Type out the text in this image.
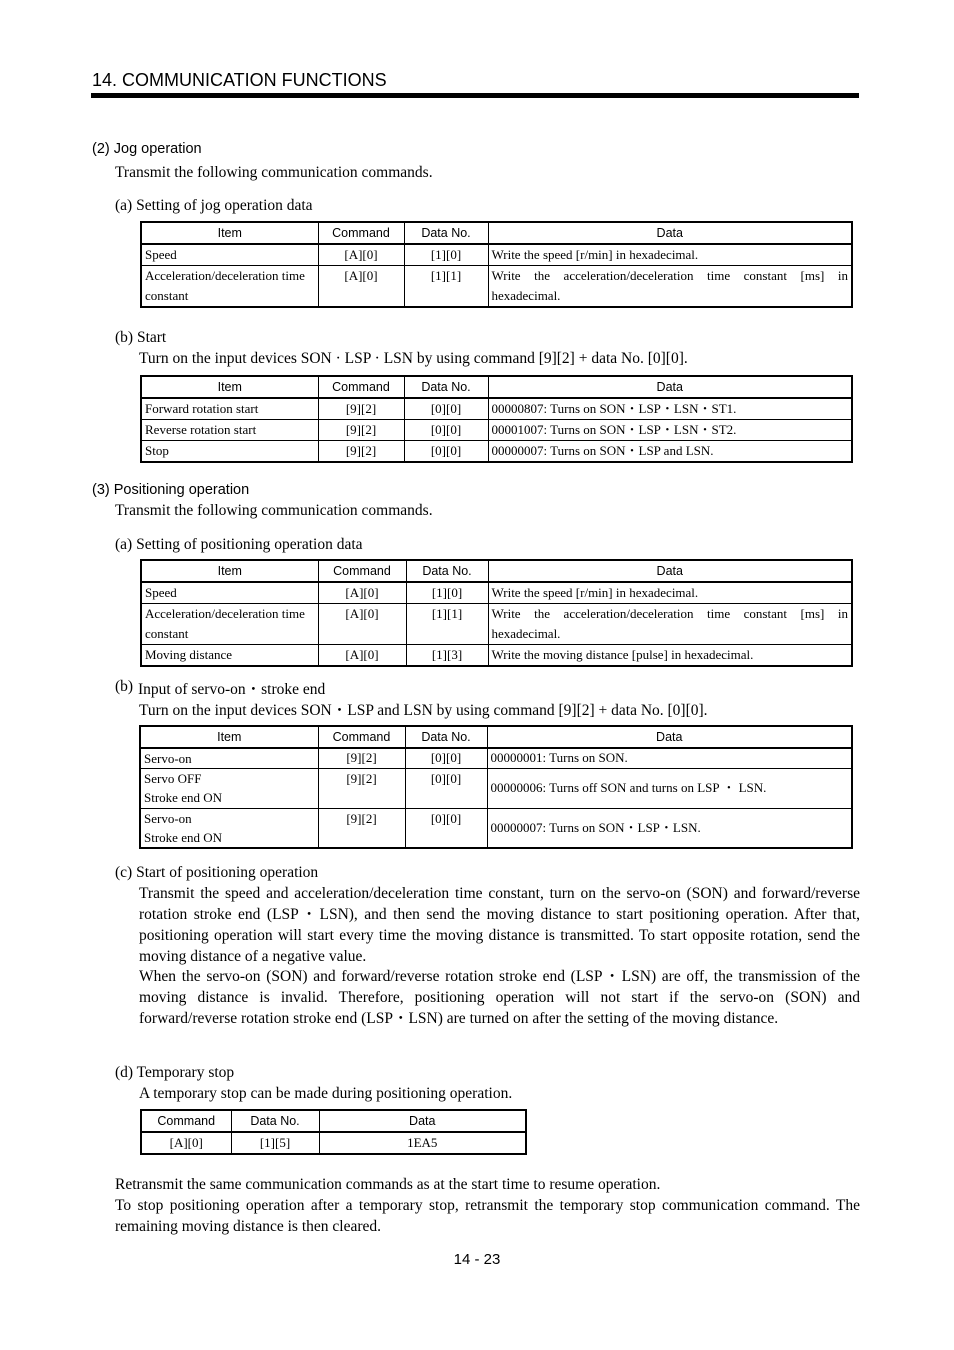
14. COMMUNICATION FUNCTIONS
(2) Jog operation
Transmit the following communication commands.
(a) Setting of jog operation data
Item	Command	Data No.	Data
Speed	[A][0]	[1][0]	Write the speed [r/min] in hexadecimal.
Acceleration/deceleration time constant	[A][0]	[1][1]	Write the acceleration/deceleration time constant [ms] in hexadecimal.
(b) Start
Turn on the input devices SON · LSP · LSN by using command [9][2] + data No. [0][0].
Item	Command	Data No.	Data
Forward rotation start	[9][2]	[0][0]	00000807: Turns on SON・LSP・LSN・ST1.
Reverse rotation start	[9][2]	[0][0]	00001007: Turns on SON・LSP・LSN・ST2.
Stop	[9][2]	[0][0]	00000007: Turns on SON・LSP and LSN.
(3) Positioning operation
Transmit the following communication commands.
(a) Setting of positioning operation data
Item	Command	Data No.	Data
Speed	[A][0]	[1][0]	Write the speed [r/min] in hexadecimal.
Acceleration/deceleration time constant	[A][0]	[1][1]	Write the acceleration/deceleration time constant [ms] in hexadecimal.
Moving distance	[A][0]	[1][3]	Write the moving distance [pulse] in hexadecimal.
(b) Input of servo-on・stroke end
Turn on the input devices SON・LSP and LSN by using command [9][2] + data No. [0][0].
Item	Command	Data No.	Data
Servo-on	[9][2]	[0][0]	00000001: Turns on SON.

Servo OFF
Stroke end ON	[9][2]	[0][0]	00000006: Turns off SON and turns on LSP ・ LSN.

Servo-on
Stroke end ON	[9][2]	[0][0]	00000007: Turns on SON・LSP・LSN.
(c) Start of positioning operation
Transmit the speed and acceleration/deceleration time constant, turn on the servo-on (SON) and forward/reverse rotation stroke end (LSP・LSN), and then send the moving distance to start positioning operation. After that, positioning operation will start every time the moving distance is transmitted. To start opposite rotation, send the moving distance of a negative value.
When the servo-on (SON) and forward/reverse rotation stroke end (LSP・LSN) are off, the transmission of the moving distance is invalid. Therefore, positioning operation will not start if the servo-on (SON) and forward/reverse rotation stroke end (LSP・LSN) are turned on after the setting of the moving distance.
(d) Temporary stop
A temporary stop can be made during positioning operation.
Command	Data No.	Data
[A][0]	[1][5]	1EA5
Retransmit the same communication commands as at the start time to resume operation.
To stop positioning operation after a temporary stop, retransmit the temporary stop communication command. The remaining moving distance is then cleared.
14 - 23
